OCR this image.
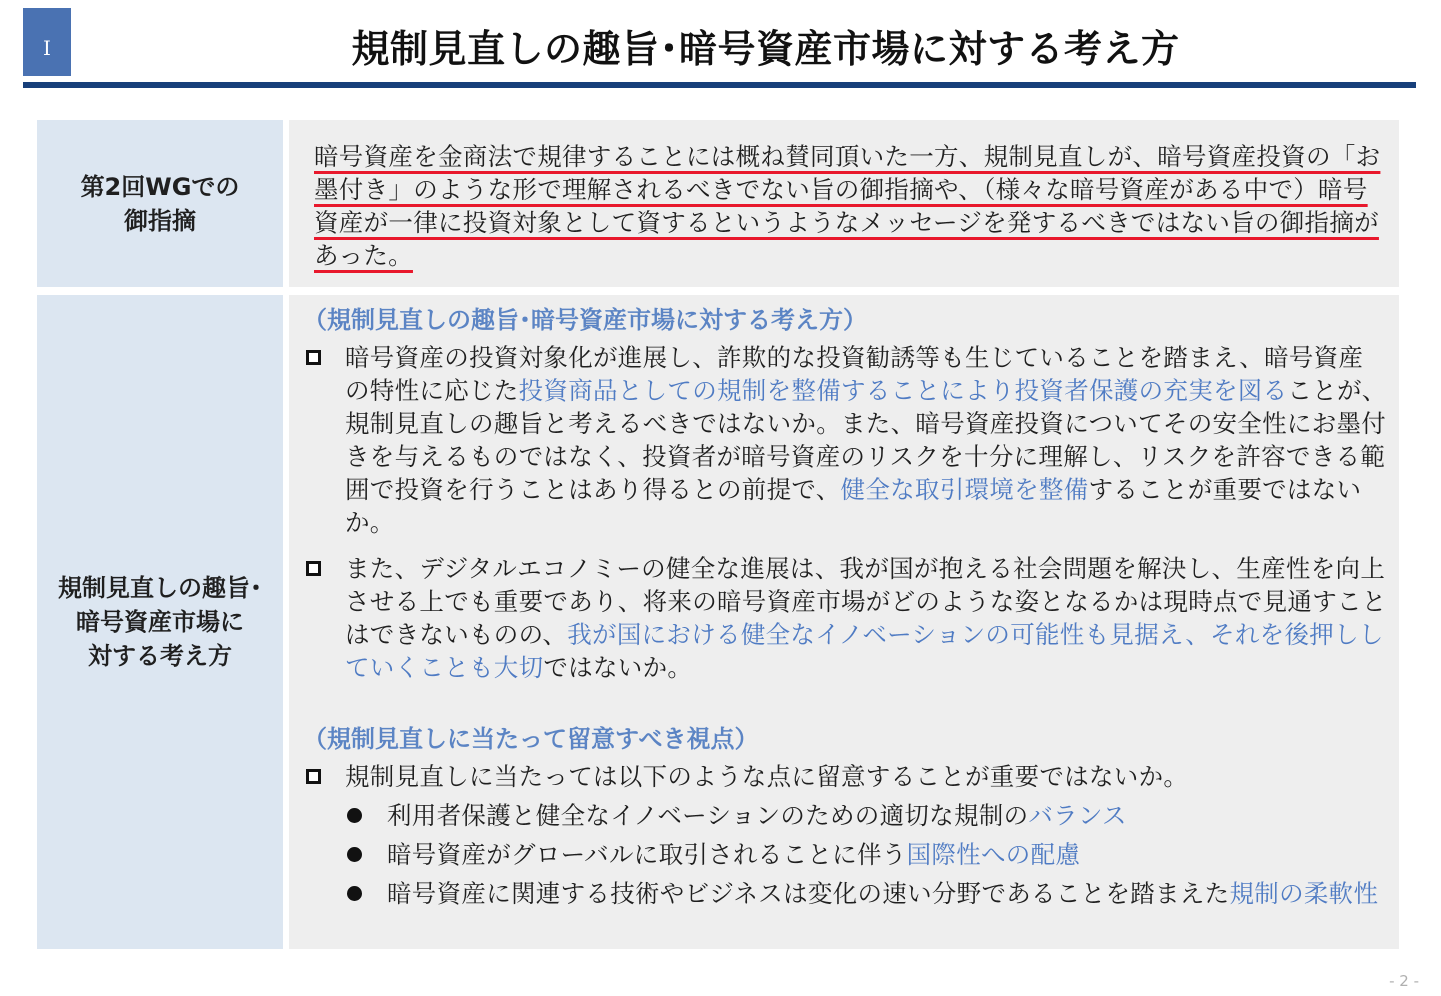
I	規制見直しの趣旨･暗号資産市場に対する考え方
第2回WGでの
御指摘
暗号資産を金商法で規律することには概ね賛同頂いた一方、規制見直しが、暗号資産投資の「お墨付き」のような形で理解されるべきでない旨の御指摘や、（様々な暗号資産がある中で）暗号資産が一律に投資対象として資するというようなメッセージを発するべきではない旨の御指摘があった。
規制見直しの趣旨･
暗号資産市場に
対する考え方
（規制見直しの趣旨･暗号資産市場に対する考え方）
暗号資産の投資対象化が進展し、詐欺的な投資勧誘等も生じていることを踏まえ、暗号資産の特性に応じた投資商品としての規制を整備することにより投資者保護の充実を図ることが、規制見直しの趣旨と考えるべきではないか。また、暗号資産投資についてその安全性にお墨付きを与えるものではなく、投資者が暗号資産のリスクを十分に理解し、リスクを許容できる範囲で投資を行うことはあり得るとの前提で、健全な取引環境を整備することが重要ではないか。
また、デジタルエコノミーの健全な進展は、我が国が抱える社会問題を解決し、生産性を向上させる上でも重要であり、将来の暗号資産市場がどのような姿となるかは現時点で見通すことはできないものの、我が国における健全なイノベーションの可能性も見据え、それを後押ししていくことも大切ではないか。
（規制見直しに当たって留意すべき視点）
規制見直しに当たっては以下のような点に留意することが重要ではないか。
利用者保護と健全なイノベーションのための適切な規制のバランス
暗号資産がグローバルに取引されることに伴う国際性への配慮
暗号資産に関連する技術やビジネスは変化の速い分野であることを踏まえた規制の柔軟性
- 2 -
